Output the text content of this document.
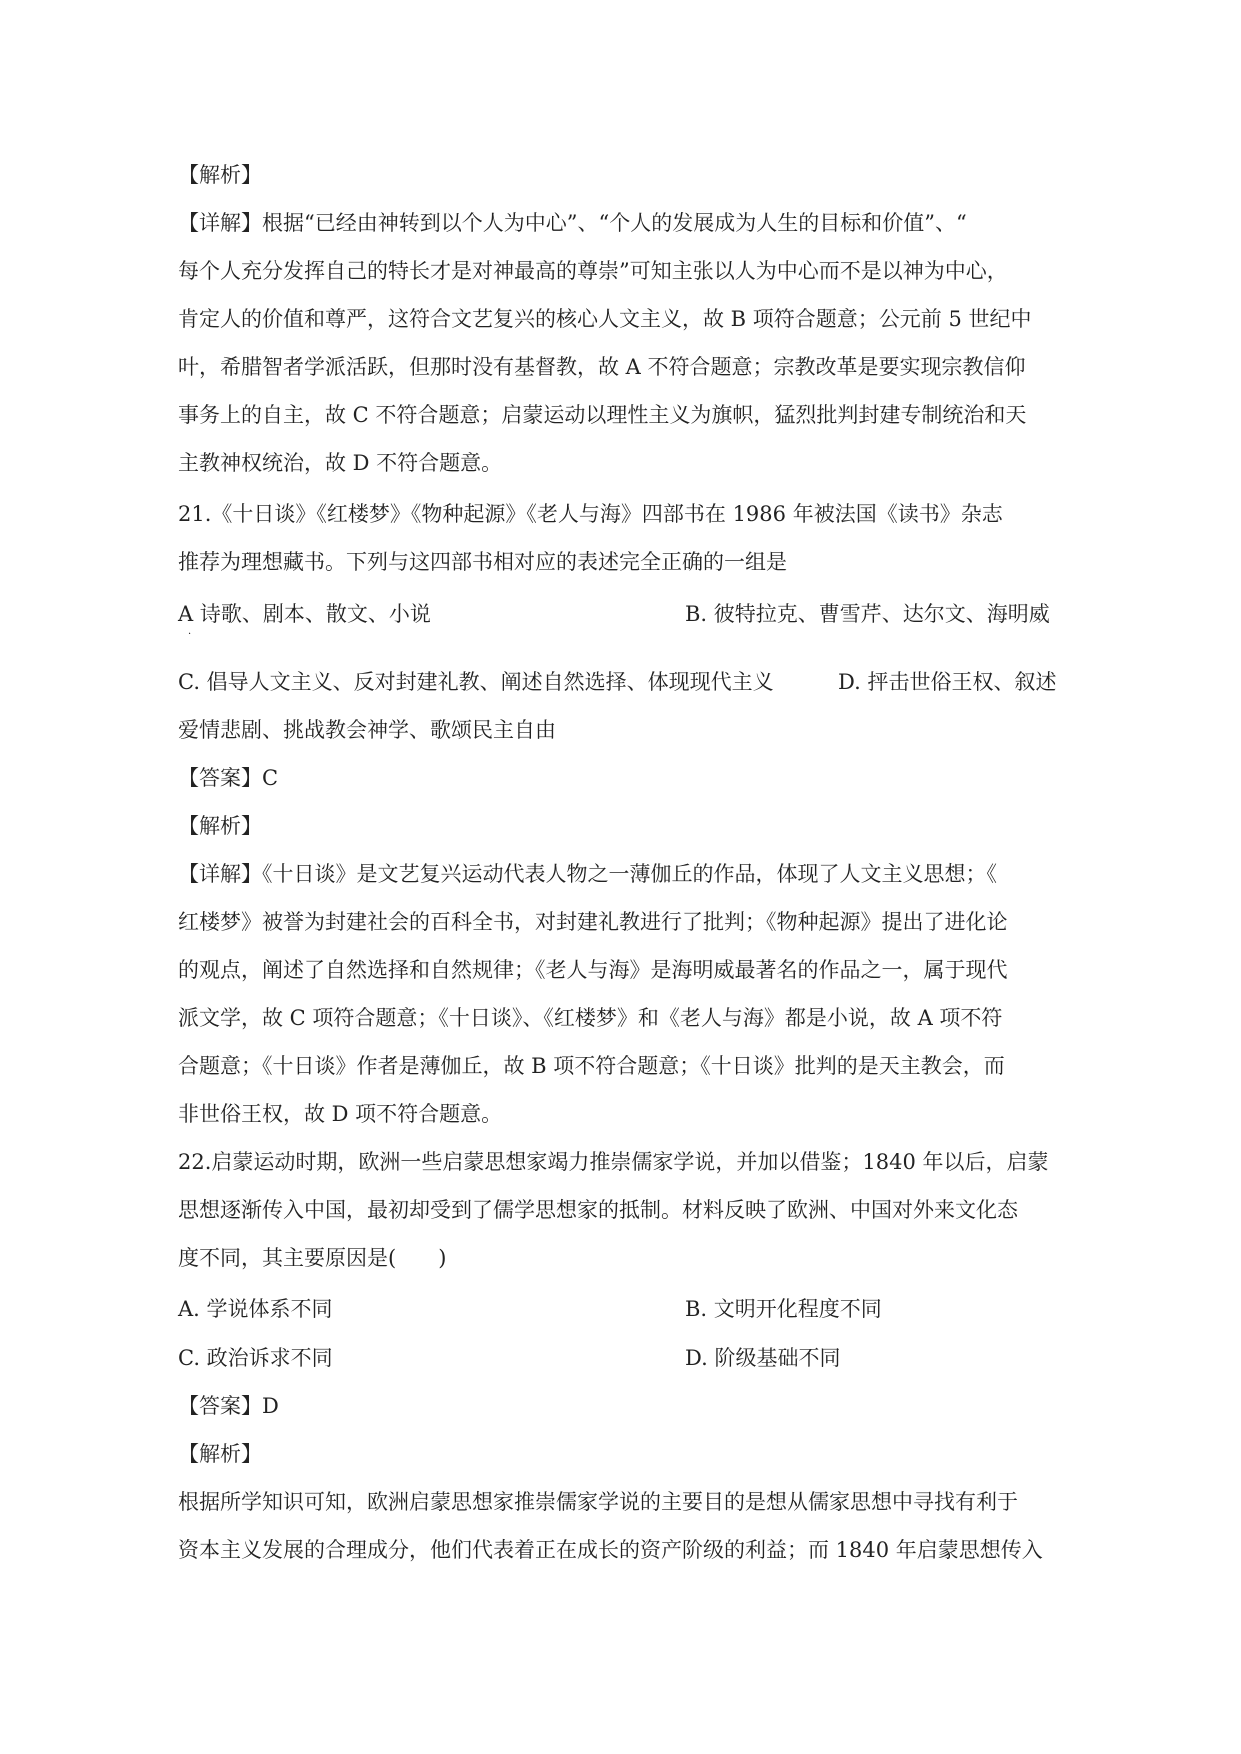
【解析】
【详解】根据“已经由神转到以个人为中心”、“个人的发展成为人生的目标和价值”、“
每个人充分发挥自己的特长才是对神最高的尊崇”可知主张以人为中心而不是以神为中心，
肯定人的价值和尊严，这符合文艺复兴的核心人文主义，故 B 项符合题意；公元前 5 世纪中
叶，希腊智者学派活跃，但那时没有基督教，故 A 不符合题意；宗教改革是要实现宗教信仰
事务上的自主，故 C 不符合题意；启蒙运动以理性主义为旗帜，猛烈批判封建专制统治和天
主教神权统治，故 D 不符合题意。
21.《十日谈》《红楼梦》《物种起源》《老人与海》四部书在 1986 年被法国《读书》杂志
推荐为理想藏书。下列与这四部书相对应的表述完全正确的一组是
A 诗歌、剧本、散文、小说
·
B. 彼特拉克、曹雪芹、达尔文、海明威
C. 倡导人文主义、反对封建礼教、阐述自然选择、体现现代主义	D. 抨击世俗王权、叙述
爱情悲剧、挑战教会神学、歌颂民主自由
【答案】C
【解析】
【详解】《十日谈》是文艺复兴运动代表人物之一薄伽丘的作品，体现了人文主义思想；《
红楼梦》被誉为封建社会的百科全书，对封建礼教进行了批判；《物种起源》提出了进化论
的观点，阐述了自然选择和自然规律；《老人与海》是海明威最著名的作品之一，属于现代
派文学，故 C 项符合题意；《十日谈》、《红楼梦》和《老人与海》都是小说，故 A 项不符
合题意；《十日谈》作者是薄伽丘，故 B 项不符合题意；《十日谈》批判的是天主教会，而
非世俗王权，故 D 项不符合题意。
22.启蒙运动时期，欧洲一些启蒙思想家竭力推崇儒家学说，并加以借鉴；1840 年以后，启蒙
思想逐渐传入中国，最初却受到了儒学思想家的抵制。材料反映了欧洲、中国对外来文化态
度不同，其主要原因是(　　)
A. 学说体系不同	B. 文明开化程度不同
C. 政治诉求不同	D. 阶级基础不同
【答案】D
【解析】
根据所学知识可知，欧洲启蒙思想家推崇儒家学说的主要目的是想从儒家思想中寻找有利于
资本主义发展的合理成分，他们代表着正在成长的资产阶级的利益；而 1840 年启蒙思想传入
